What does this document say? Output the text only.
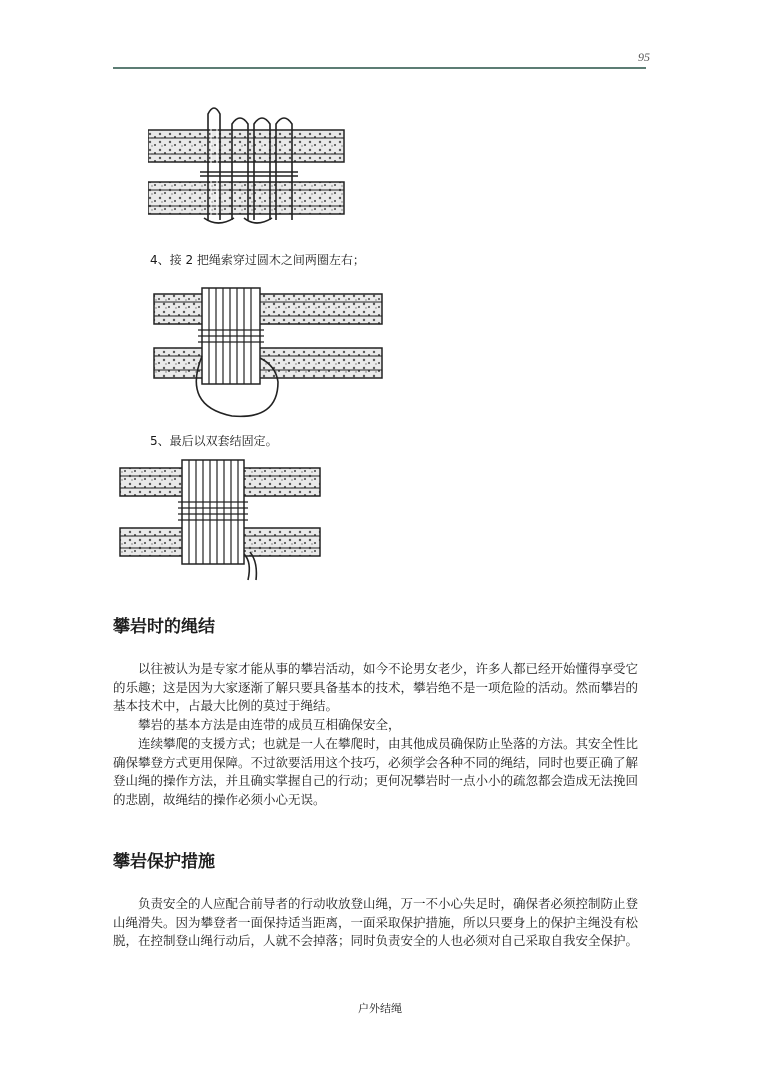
95
4、接 2 把绳索穿过圆木之间两圈左右；
5、最后以双套结固定。
攀岩时的绳结

以往被认为是专家才能从事的攀岩活动，如今不论男女老少，许多人都已经开始懂得享受它的乐趣；这是因为大家逐渐了解只要具备基本的技术，攀岩绝不是一项危险的活动。然而攀岩的基本技术中，占最大比例的莫过于绳结。

攀岩的基本方法是由连带的成员互相确保安全，

连续攀爬的支援方式；也就是一人在攀爬时，由其他成员确保防止坠落的方法。其安全性比确保攀登方式更用保障。不过欲要活用这个技巧，必须学会各种不同的绳结，同时也要正确了解登山绳的操作方法，并且确实掌握自己的行动；更何况攀岩时一点小小的疏忽都会造成无法挽回的悲剧，故绳结的操作必须小心无误。

攀岩保护措施

负责安全的人应配合前导者的行动收放登山绳，万一不小心失足时，确保者必须控制防止登山绳滑失。因为攀登者一面保持适当距离，一面采取保护措施，所以只要身上的保护主绳没有松脱，在控制登山绳行动后，人就不会掉落；同时负责安全的人也必须对自己采取自我安全保护。

户外结绳
